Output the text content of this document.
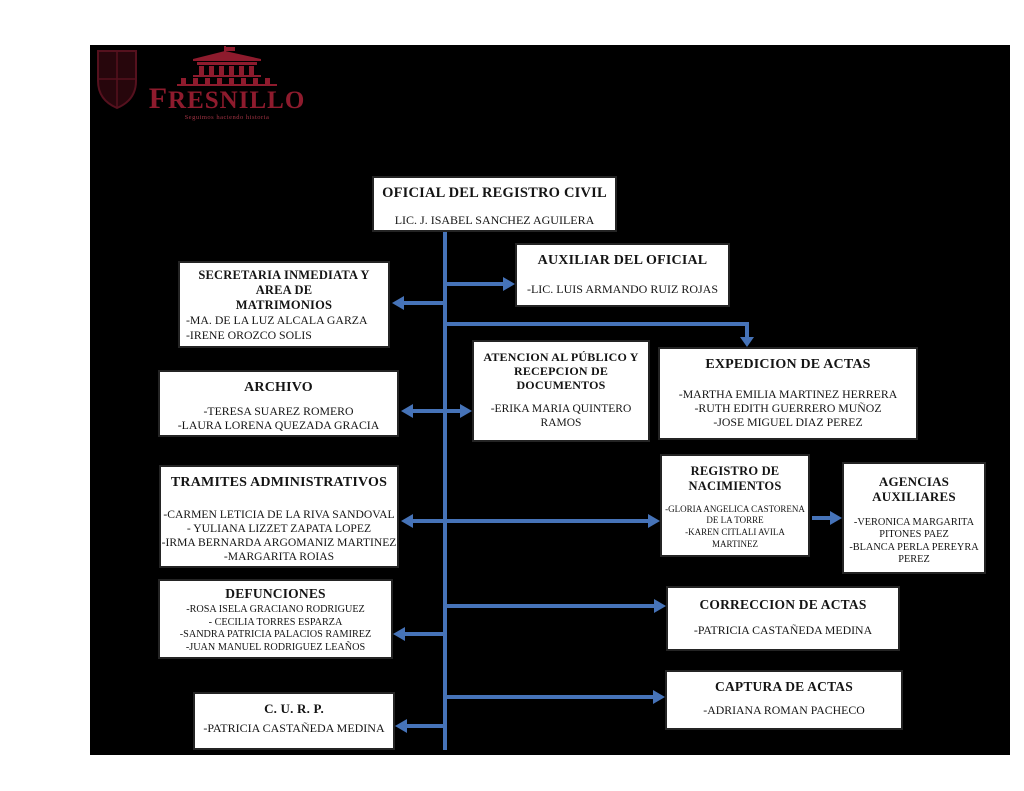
FRESNILLO
Seguimos haciendo historia
OFICIAL DEL REGISTRO CIVIL
LIC. J. ISABEL SANCHEZ AGUILERA
AUXILIAR DEL OFICIAL
-LIC. LUIS ARMANDO RUIZ ROJAS
SECRETARIA INMEDIATA Y
AREA DE
MATRIMONIOS
-MA. DE LA LUZ ALCALA GARZA
-IRENE OROZCO SOLIS
ATENCION AL PÚBLICO Y
RECEPCION DE
DOCUMENTOS
-ERIKA MARIA QUINTERO RAMOS
EXPEDICION DE ACTAS
-MARTHA EMILIA MARTINEZ HERRERA
-RUTH EDITH GUERRERO MUÑOZ
-JOSE MIGUEL DIAZ PEREZ
ARCHIVO
-TERESA SUAREZ ROMERO
-LAURA LORENA QUEZADA GRACIA
TRAMITES ADMINISTRATIVOS
-CARMEN LETICIA DE LA RIVA SANDOVAL
- YULIANA LIZZET ZAPATA LOPEZ
-IRMA BERNARDA ARGOMANIZ MARTINEZ
-MARGARITA ROIAS
REGISTRO DE
NACIMIENTOS
-GLORIA ANGELICA CASTORENA DE LA TORRE
-KAREN CITLALI AVILA MARTINEZ
AGENCIAS
AUXILIARES
-VERONICA MARGARITA PITONES PAEZ
-BLANCA PERLA PEREYRA PEREZ
DEFUNCIONES
-ROSA ISELA GRACIANO RODRIGUEZ
- CECILIA TORRES ESPARZA
-SANDRA PATRICIA PALACIOS RAMIREZ
-JUAN MANUEL RODRIGUEZ LEAÑOS
CORRECCION DE ACTAS
-PATRICIA CASTAÑEDA MEDINA
CAPTURA DE ACTAS
-ADRIANA ROMAN PACHECO
C. U. R. P.
-PATRICIA CASTAÑEDA MEDINA
